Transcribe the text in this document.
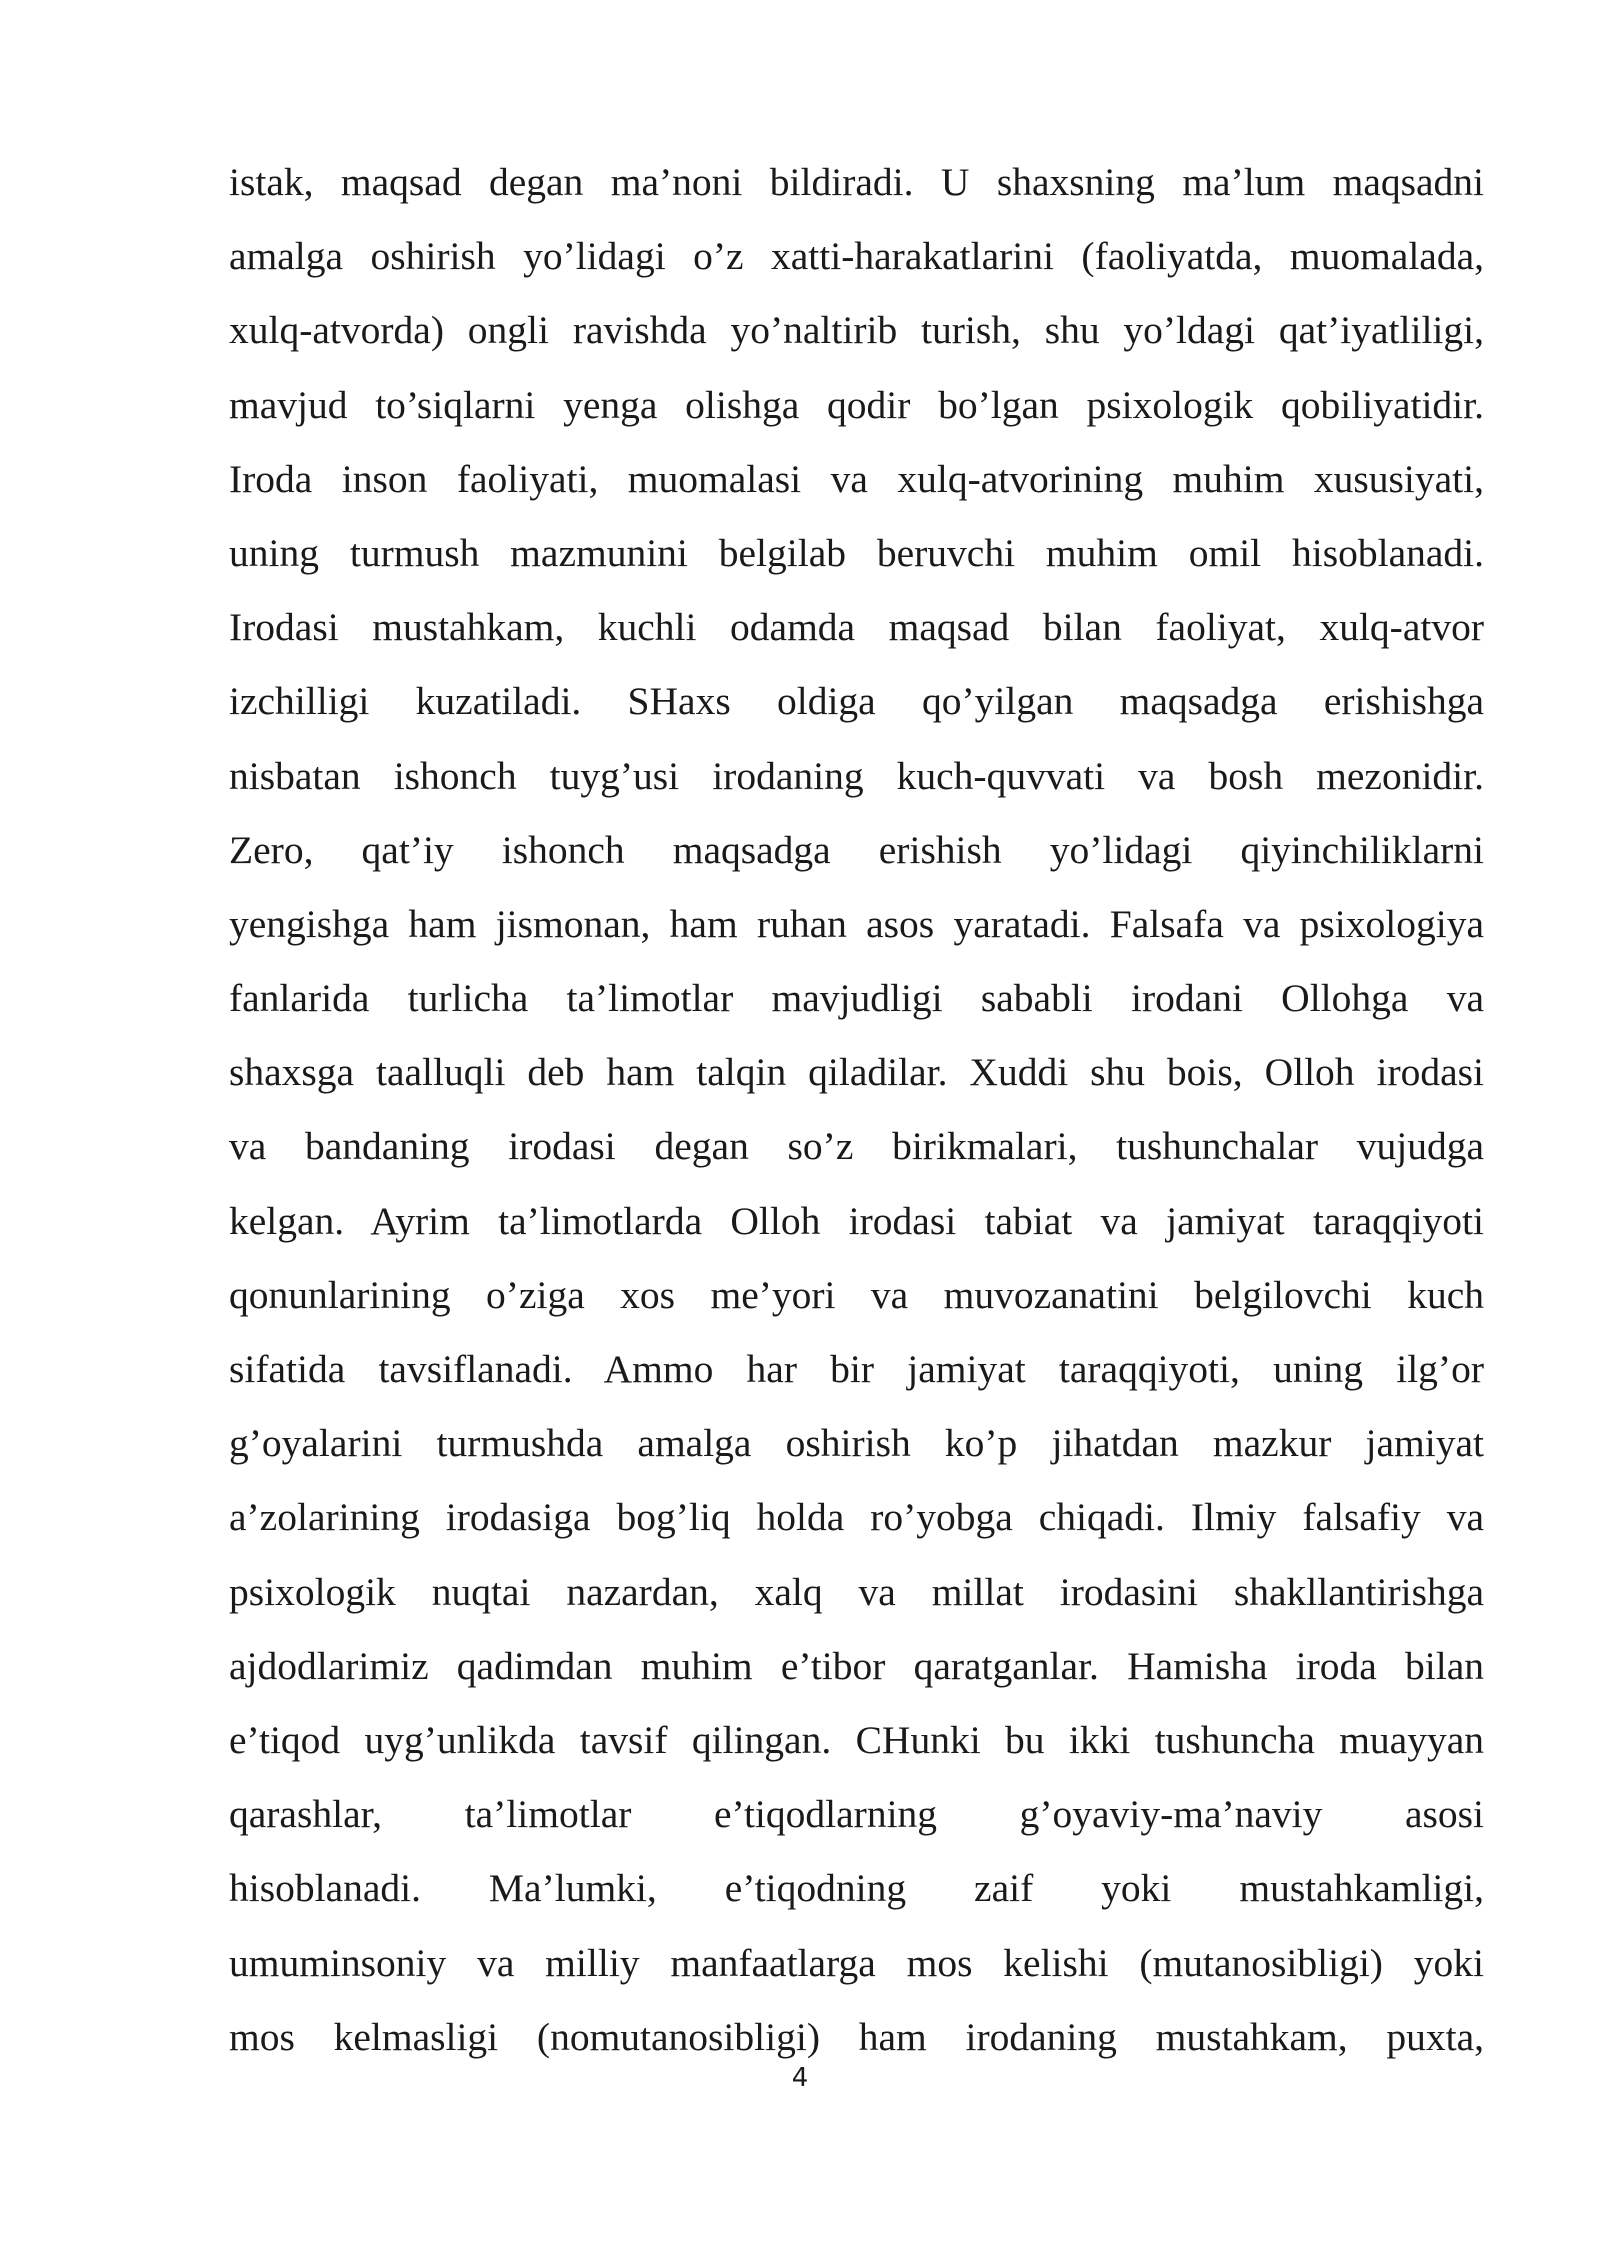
istak, maqsad degan ma’noni bildiradi. U shaxsning ma’lum maqsadni
amalga oshirish yo’lidagi o’z xatti-harakatlarini (faoliyatda, muomalada,
xulq-atvorda) ongli ravishda yo’naltirib turish, shu yo’ldagi qat’iyatliligi,
mavjud to’siqlarni yenga olishga qodir bo’lgan psixologik qobiliyatidir.
Iroda inson faoliyati, muomalasi va xulq-atvorining muhim xususiyati,
uning turmush mazmunini belgilab beruvchi muhim omil hisoblanadi.
Irodasi mustahkam, kuchli odamda maqsad bilan faoliyat, xulq-atvor
izchilligi kuzatiladi. SHaxs oldiga qo’yilgan maqsadga erishishga
nisbatan ishonch tuyg’usi irodaning kuch-quvvati va bosh mezonidir.
Zero, qat’iy ishonch maqsadga erishish yo’lidagi qiyinchiliklarni
yengishga ham jismonan, ham ruhan asos yaratadi. Falsafa va psixologiya
fanlarida turlicha ta’limotlar mavjudligi sababli irodani Ollohga va
shaxsga taalluqli deb ham talqin qiladilar. Xuddi shu bois, Olloh irodasi
va bandaning irodasi degan so’z birikmalari, tushunchalar vujudga
kelgan. Ayrim ta’limotlarda Olloh irodasi tabiat va jamiyat taraqqiyoti
qonunlarining o’ziga xos me’yori va muvozanatini belgilovchi kuch
sifatida tavsiflanadi. Ammo har bir jamiyat taraqqiyoti, uning ilg’or
g’oyalarini turmushda amalga oshirish ko’p jihatdan mazkur jamiyat
a’zolarining irodasiga bog’liq holda ro’yobga chiqadi. Ilmiy falsafiy va
psixologik nuqtai nazardan, xalq va millat irodasini shakllantirishga
ajdodlarimiz qadimdan muhim e’tibor qaratganlar. Hamisha iroda bilan
e’tiqod uyg’unlikda tavsif qilingan. CHunki bu ikki tushuncha muayyan
qarashlar, ta’limotlar e’tiqodlarning g’oyaviy-ma’naviy asosi
hisoblanadi. Ma’lumki, e’tiqodning zaif yoki mustahkamligi,
umuminsoniy va milliy manfaatlarga mos kelishi (mutanosibligi) yoki
mos kelmasligi (nomutanosibligi) ham irodaning mustahkam, puxta,
4
